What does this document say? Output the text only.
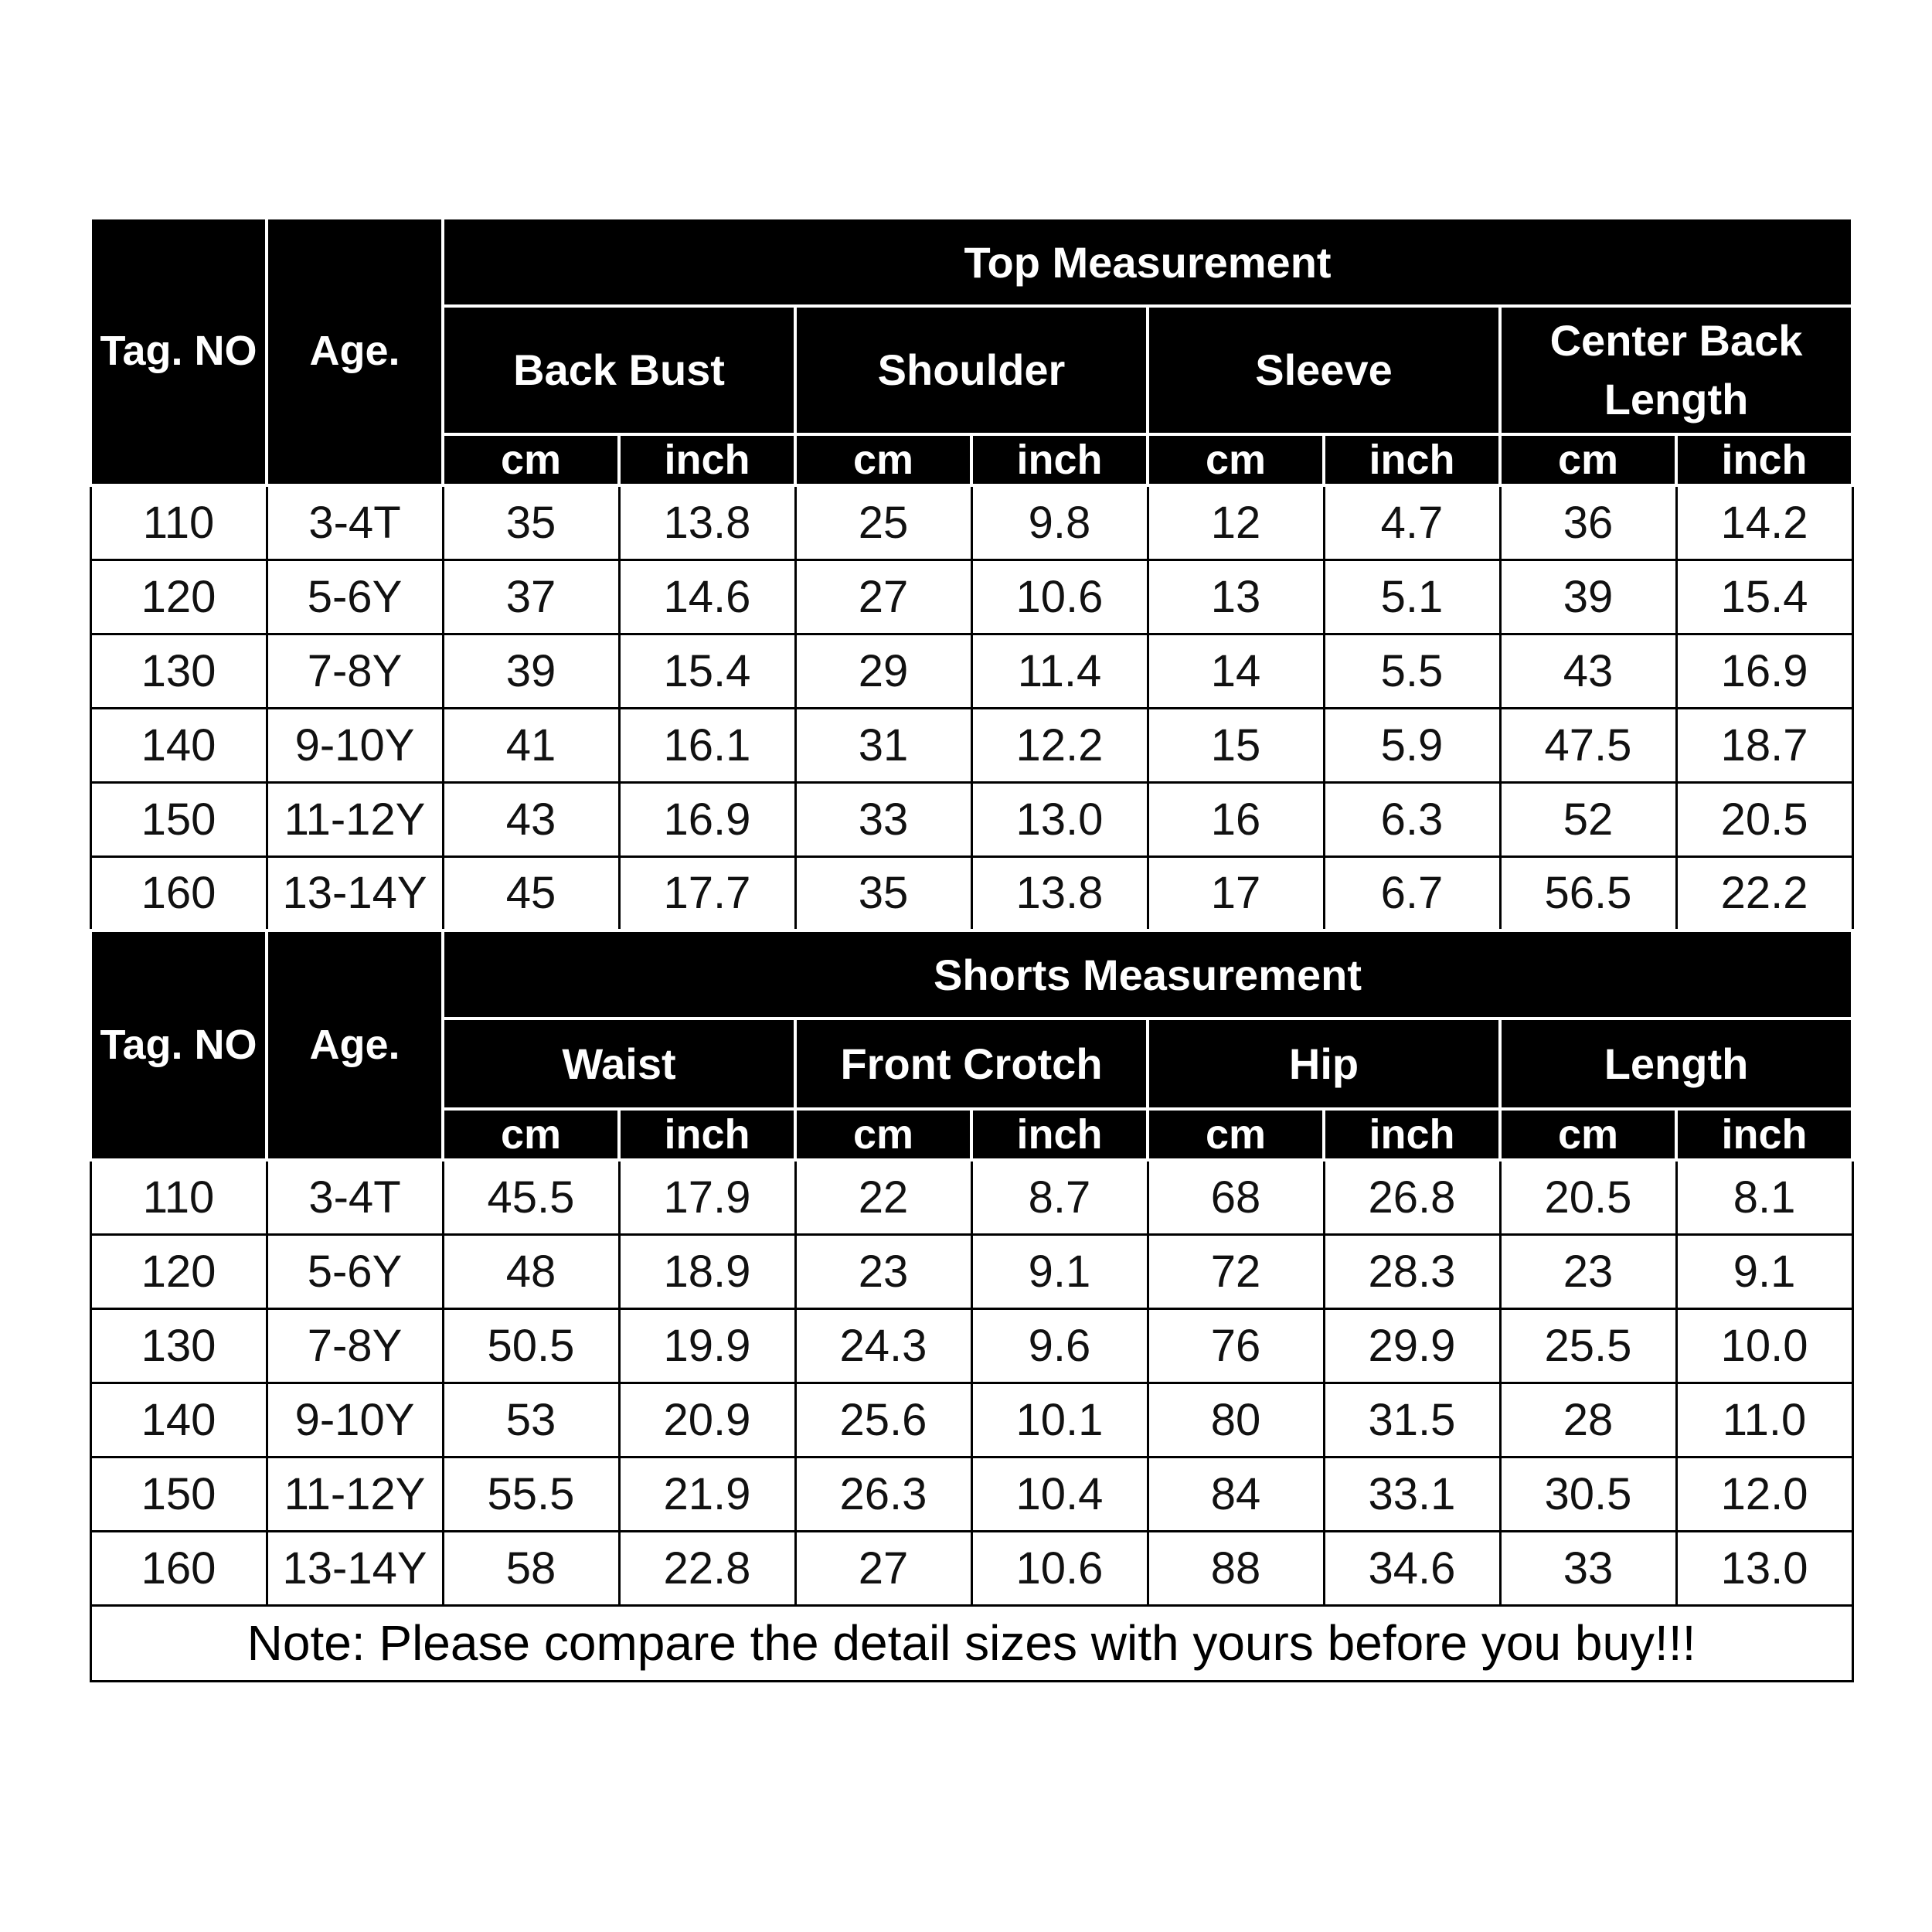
Tag. NO	Age.	Top Measurement							
		Back Bust		Shoulder		Sleeve		Center Back Length	
		cm	inch	cm	inch	cm	inch	cm	inch
110	3-4T	35	13.8	25	9.8	12	4.7	36	14.2
120	5-6Y	37	14.6	27	10.6	13	5.1	39	15.4
130	7-8Y	39	15.4	29	11.4	14	5.5	43	16.9
140	9-10Y	41	16.1	31	12.2	15	5.9	47.5	18.7
150	11-12Y	43	16.9	33	13.0	16	6.3	52	20.5
160	13-14Y	45	17.7	35	13.8	17	6.7	56.5	22.2
Tag. NO	Age.	Shorts Measurement							
		Waist		Front Crotch		Hip		Length	
		cm	inch	cm	inch	cm	inch	cm	inch
110	3-4T	45.5	17.9	22	8.7	68	26.8	20.5	8.1
120	5-6Y	48	18.9	23	9.1	72	28.3	23	9.1
130	7-8Y	50.5	19.9	24.3	9.6	76	29.9	25.5	10.0
140	9-10Y	53	20.9	25.6	10.1	80	31.5	28	11.0
150	11-12Y	55.5	21.9	26.3	10.4	84	33.1	30.5	12.0
160	13-14Y	58	22.8	27	10.6	88	34.6	33	13.0
Note: Please compare the detail sizes with yours before you buy!!!									
